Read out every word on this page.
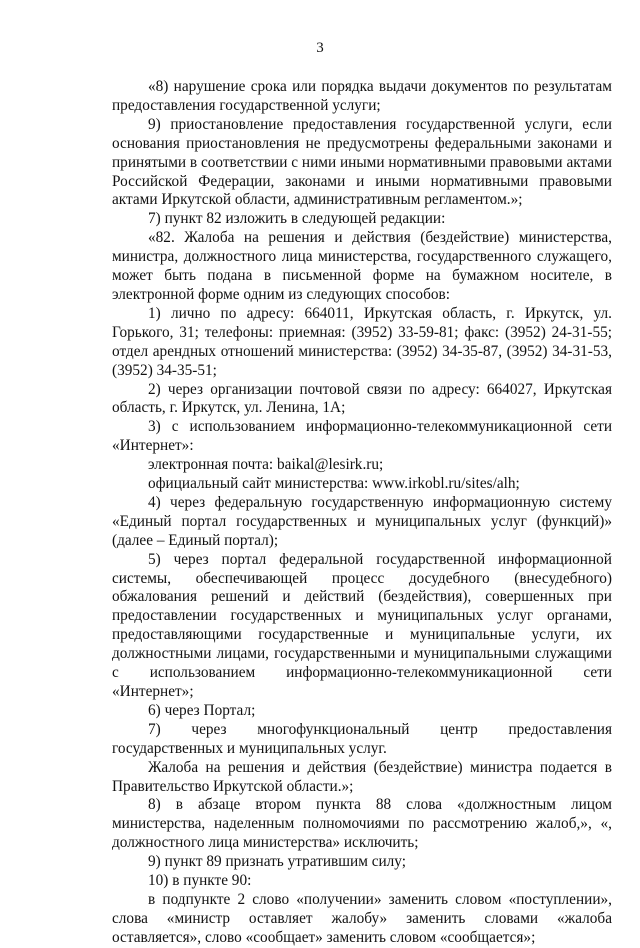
3

«8) нарушение срока или порядка выдачи документов по результатам предоставления государственной услуги;

9) приостановление предоставления государственной услуги, если основания приостановления не предусмотрены федеральными законами и принятыми в соответствии с ними иными нормативными правовыми актами Российской Федерации, законами и иными нормативными правовыми актами Иркутской области, административным регламентом.»;

7) пункт 82 изложить в следующей редакции:

«82. Жалоба на решения и действия (бездействие) министерства, министра, должностного лица министерства, государственного служащего, может быть подана в письменной форме на бумажном носителе, в электронной форме одним из следующих способов:

1) лично по адресу: 664011, Иркутская область, г. Иркутск, ул. Горького, 31; телефоны: приемная: (3952) 33-59-81; факс: (3952) 24-31-55; отдел арендных отношений министерства: (3952) 34-35-87, (3952) 34-31-53, (3952) 34-35-51;

2) через организации почтовой связи по адресу: 664027, Иркутская область, г. Иркутск, ул. Ленина, 1А;

3) с использованием информационно-телекоммуникационной сети «Интернет»:

электронная почта: baikal@lesirk.ru;

официальный сайт министерства: www.irkobl.ru/sites/alh;

4) через федеральную государственную информационную систему «Единый портал государственных и муниципальных услуг (функций)» (далее – Единый портал);

5) через портал федеральной государственной информационной системы, обеспечивающей процесс досудебного (внесудебного) обжалования решений и действий (бездействия), совершенных при предоставлении государственных и муниципальных услуг органами, предоставляющими государственные и муниципальные услуги, их должностными лицами, государственными и муниципальными служащими с использованием информационно-телекоммуникационной сети «Интернет»;

6) через Портал;

7) через многофункциональный центр предоставления государственных и муниципальных услуг.

Жалоба на решения и действия (бездействие) министра подается в Правительство Иркутской области.»;

8) в абзаце втором пункта 88 слова «должностным лицом министерства, наделенным полномочиями по рассмотрению жалоб,», «, должностного лица министерства» исключить;

9) пункт 89 признать утратившим силу;

10) в пункте 90:

в подпункте 2 слово «получении» заменить словом «поступлении», слова «министр оставляет жалобу» заменить словами «жалоба оставляется», слово «сообщает» заменить словом «сообщается»;
